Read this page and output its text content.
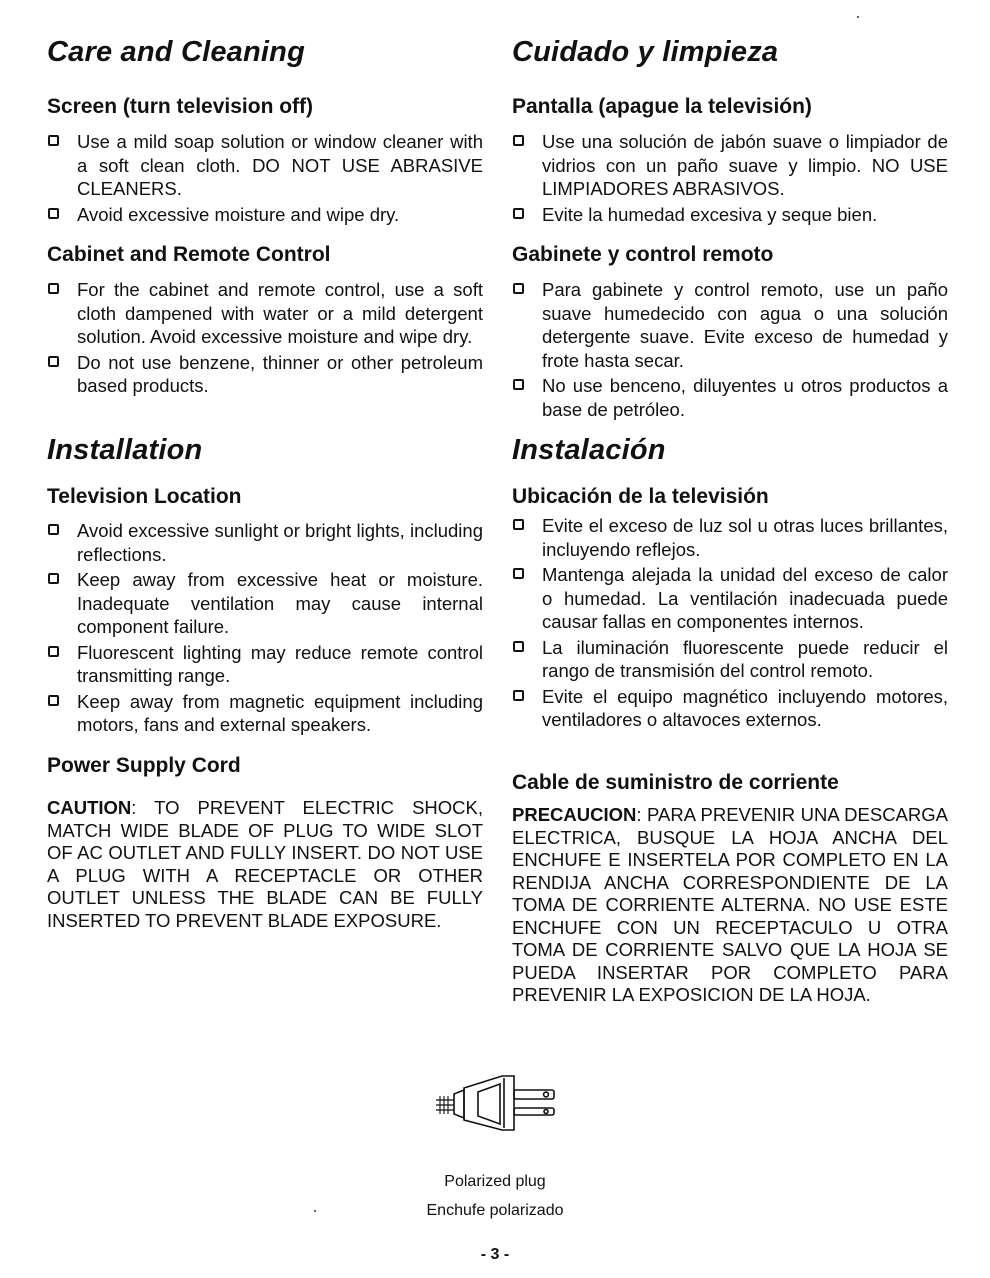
Care and Cleaning
Screen (turn television off)
Use a mild soap solution or window cleaner with a soft clean cloth. DO NOT USE ABRASIVE CLEANERS.
Avoid excessive moisture and wipe dry.
Cabinet and Remote Control
For the cabinet and remote control, use a soft cloth dampened with water or a mild detergent solution. Avoid excessive moisture and wipe dry.
Do not use benzene, thinner or other petroleum based products.
Installation
Television Location
Avoid excessive sunlight or bright lights, including reflections.
Keep away from excessive heat or moisture. Inadequate ventilation may cause internal component failure.
Fluorescent lighting may reduce remote control transmitting range.
Keep away from magnetic equipment including motors, fans and external speakers.
Power Supply Cord

CAUTION: TO PREVENT ELECTRIC SHOCK, MATCH WIDE BLADE OF PLUG TO WIDE SLOT OF AC OUTLET AND FULLY INSERT. DO NOT USE A PLUG WITH A RECEPTACLE OR OTHER OUTLET UNLESS THE BLADE CAN BE FULLY INSERTED TO PREVENT BLADE EXPOSURE.

Cuidado y limpieza
Pantalla (apague la televisión)
Use una solución de jabón suave o limpiador de vidrios con un paño suave y limpio. NO USE LIMPIADORES ABRASIVOS.
Evite la humedad excesiva y seque bien.
Gabinete y control remoto
Para gabinete y control remoto, use un paño suave humedecido con agua o una solución detergente suave. Evite exceso de humedad y frote hasta secar.
No use benceno, diluyentes u otros productos a base de petróleo.
Instalación
Ubicación de la televisión
Evite el exceso de luz sol u otras luces brillantes, incluyendo reflejos.
Mantenga alejada la unidad del exceso de calor o humedad. La ventilación inadecuada puede causar fallas en componentes internos.
La iluminación fluorescente puede reducir el rango de transmisión del control remoto.
Evite el equipo magnético incluyendo motores, ventiladores o altavoces externos.
Cable de suministro de corriente

PRECAUCION: PARA PREVENIR UNA DESCARGA ELECTRICA, BUSQUE LA HOJA ANCHA DEL ENCHUFE E INSERTELA POR COMPLETO EN LA RENDIJA ANCHA CORRESPONDIENTE DE LA TOMA DE CORRIENTE ALTERNA. NO USE ESTE ENCHUFE CON UN RECEPTACULO U OTRA TOMA DE CORRIENTE SALVO QUE LA HOJA SE PUEDA INSERTAR POR COMPLETO PARA PREVENIR LA EXPOSICION DE LA HOJA.

Polarized plug

Enchufe polarizado

- 3 -
